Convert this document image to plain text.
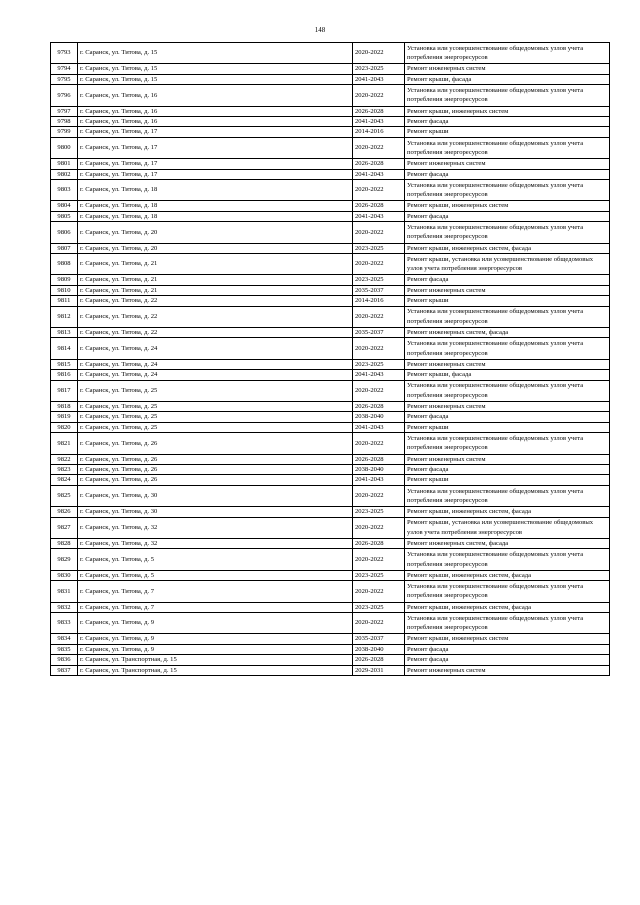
148
9793	г. Саранск, ул. Титова, д. 15	2020-2022	Установка или усовершенствование общедомовых узлов учета потребления энергоресурсов
9794	г. Саранск, ул. Титова, д. 15	2023-2025	Ремонт инженерных систем
9795	г. Саранск, ул. Титова, д. 15	2041-2043	Ремонт крыши, фасада
9796	г. Саранск, ул. Титова, д. 16	2020-2022	Установка или усовершенствование общедомовых узлов учета потребления энергоресурсов
9797	г. Саранск, ул. Титова, д. 16	2026-2028	Ремонт крыши, инженерных систем
9798	г. Саранск, ул. Титова, д. 16	2041-2043	Ремонт фасада
9799	г. Саранск, ул. Титова, д. 17	2014-2016	Ремонт крыши
9800	г. Саранск, ул. Титова, д. 17	2020-2022	Установка или усовершенствование общедомовых узлов учета потребления энергоресурсов
9801	г. Саранск, ул. Титова, д. 17	2026-2028	Ремонт инженерных систем
9802	г. Саранск, ул. Титова, д. 17	2041-2043	Ремонт фасада
9803	г. Саранск, ул. Титова, д. 18	2020-2022	Установка или усовершенствование общедомовых узлов учета потребления энергоресурсов
9804	г. Саранск, ул. Титова, д. 18	2026-2028	Ремонт крыши, инженерных систем
9805	г. Саранск, ул. Титова, д. 18	2041-2043	Ремонт фасада
9806	г. Саранск, ул. Титова, д. 20	2020-2022	Установка или усовершенствование общедомовых узлов учета потребления энергоресурсов
9807	г. Саранск, ул. Титова, д. 20	2023-2025	Ремонт крыши, инженерных систем, фасада
9808	г. Саранск, ул. Титова, д. 21	2020-2022	Ремонт крыши, установка или усовершенствование общедомовых узлов учета потребления энергоресурсов
9809	г. Саранск, ул. Титова, д. 21	2023-2025	Ремонт фасада
9810	г. Саранск, ул. Титова, д. 21	2035-2037	Ремонт инженерных систем
9811	г. Саранск, ул. Титова, д. 22	2014-2016	Ремонт крыши
9812	г. Саранск, ул. Титова, д. 22	2020-2022	Установка или усовершенствование общедомовых узлов учета потребления энергоресурсов
9813	г. Саранск, ул. Титова, д. 22	2035-2037	Ремонт инженерных систем, фасада
9814	г. Саранск, ул. Титова, д. 24	2020-2022	Установка или усовершенствование общедомовых узлов учета потребления энергоресурсов
9815	г. Саранск, ул. Титова, д. 24	2023-2025	Ремонт инженерных систем
9816	г. Саранск, ул. Титова, д. 24	2041-2043	Ремонт крыши, фасада
9817	г. Саранск, ул. Титова, д. 25	2020-2022	Установка или усовершенствование общедомовых узлов учета потребления энергоресурсов
9818	г. Саранск, ул. Титова, д. 25	2026-2028	Ремонт инженерных систем
9819	г. Саранск, ул. Титова, д. 25	2038-2040	Ремонт фасада
9820	г. Саранск, ул. Титова, д. 25	2041-2043	Ремонт крыши
9821	г. Саранск, ул. Титова, д. 26	2020-2022	Установка или усовершенствование общедомовых узлов учета потребления энергоресурсов
9822	г. Саранск, ул. Титова, д. 26	2026-2028	Ремонт инженерных систем
9823	г. Саранск, ул. Титова, д. 26	2038-2040	Ремонт фасада
9824	г. Саранск, ул. Титова, д. 26	2041-2043	Ремонт крыши
9825	г. Саранск, ул. Титова, д. 30	2020-2022	Установка или усовершенствование общедомовых узлов учета потребления энергоресурсов
9826	г. Саранск, ул. Титова, д. 30	2023-2025	Ремонт крыши, инженерных систем, фасада
9827	г. Саранск, ул. Титова, д. 32	2020-2022	Ремонт крыши, установка или усовершенствование общедомовых узлов учета потребления энергоресурсов
9828	г. Саранск, ул. Титова, д. 32	2026-2028	Ремонт инженерных систем, фасада
9829	г. Саранск, ул. Титова, д. 5	2020-2022	Установка или усовершенствование общедомовых узлов учета потребления энергоресурсов
9830	г. Саранск, ул. Титова, д. 5	2023-2025	Ремонт крыши, инженерных систем, фасада
9831	г. Саранск, ул. Титова, д. 7	2020-2022	Установка или усовершенствование общедомовых узлов учета потребления энергоресурсов
9832	г. Саранск, ул. Титова, д. 7	2023-2025	Ремонт крыши, инженерных систем, фасада
9833	г. Саранск, ул. Титова, д. 9	2020-2022	Установка или усовершенствование общедомовых узлов учета потребления энергоресурсов
9834	г. Саранск, ул. Титова, д. 9	2035-2037	Ремонт крыши, инженерных систем
9835	г. Саранск, ул. Титова, д. 9	2038-2040	Ремонт фасада
9836	г. Саранск, ул. Транспортная, д. 15	2026-2028	Ремонт фасада
9837	г. Саранск, ул. Транспортная, д. 15	2029-2031	Ремонт инженерных систем
